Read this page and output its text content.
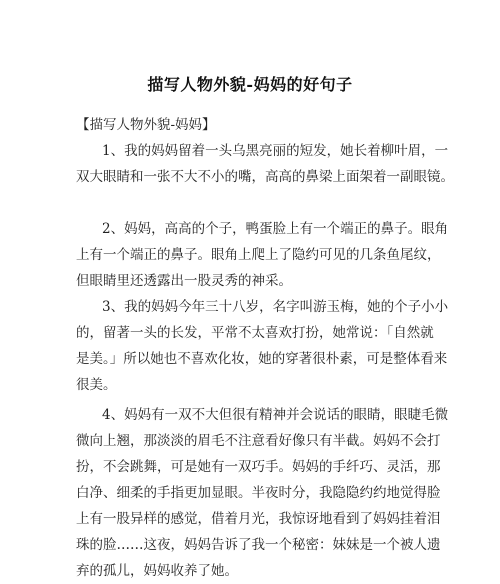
描写人物外貌-妈妈的好句子

【描写人物外貌-妈妈】

1、我的妈妈留着一头乌黑亮丽的短发，她长着柳叶眉，一
双大眼睛和一张不大不小的嘴，高高的鼻梁上面架着一副眼镜。

2、妈妈，高高的个子，鸭蛋脸上有一个端正的鼻子。眼角
上有一个端正的鼻子。眼角上爬上了隐约可见的几条鱼尾纹，
但眼睛里还透露出一股灵秀的神采。

3、我的妈妈今年三十八岁，名字叫游玉梅，她的个子小小
的，留著一头的长发，平常不太喜欢打扮，她常说：「自然就
是美。」所以她也不喜欢化妆，她的穿著很朴素，可是整体看来
很美。

4、妈妈有一双不大但很有精神并会说话的眼睛，眼睫毛微
微向上翘，那淡淡的眉毛不注意看好像只有半截。妈妈不会打
扮，不会跳舞，可是她有一双巧手。妈妈的手纤巧、灵活，那
白净、细柔的手指更加显眼。半夜时分，我隐隐约约地觉得脸
上有一股异样的感觉，借着月光，我惊讶地看到了妈妈挂着泪
珠的脸……这夜，妈妈告诉了我一个秘密：妹妹是一个被人遗
弃的孤儿，妈妈收养了她。
